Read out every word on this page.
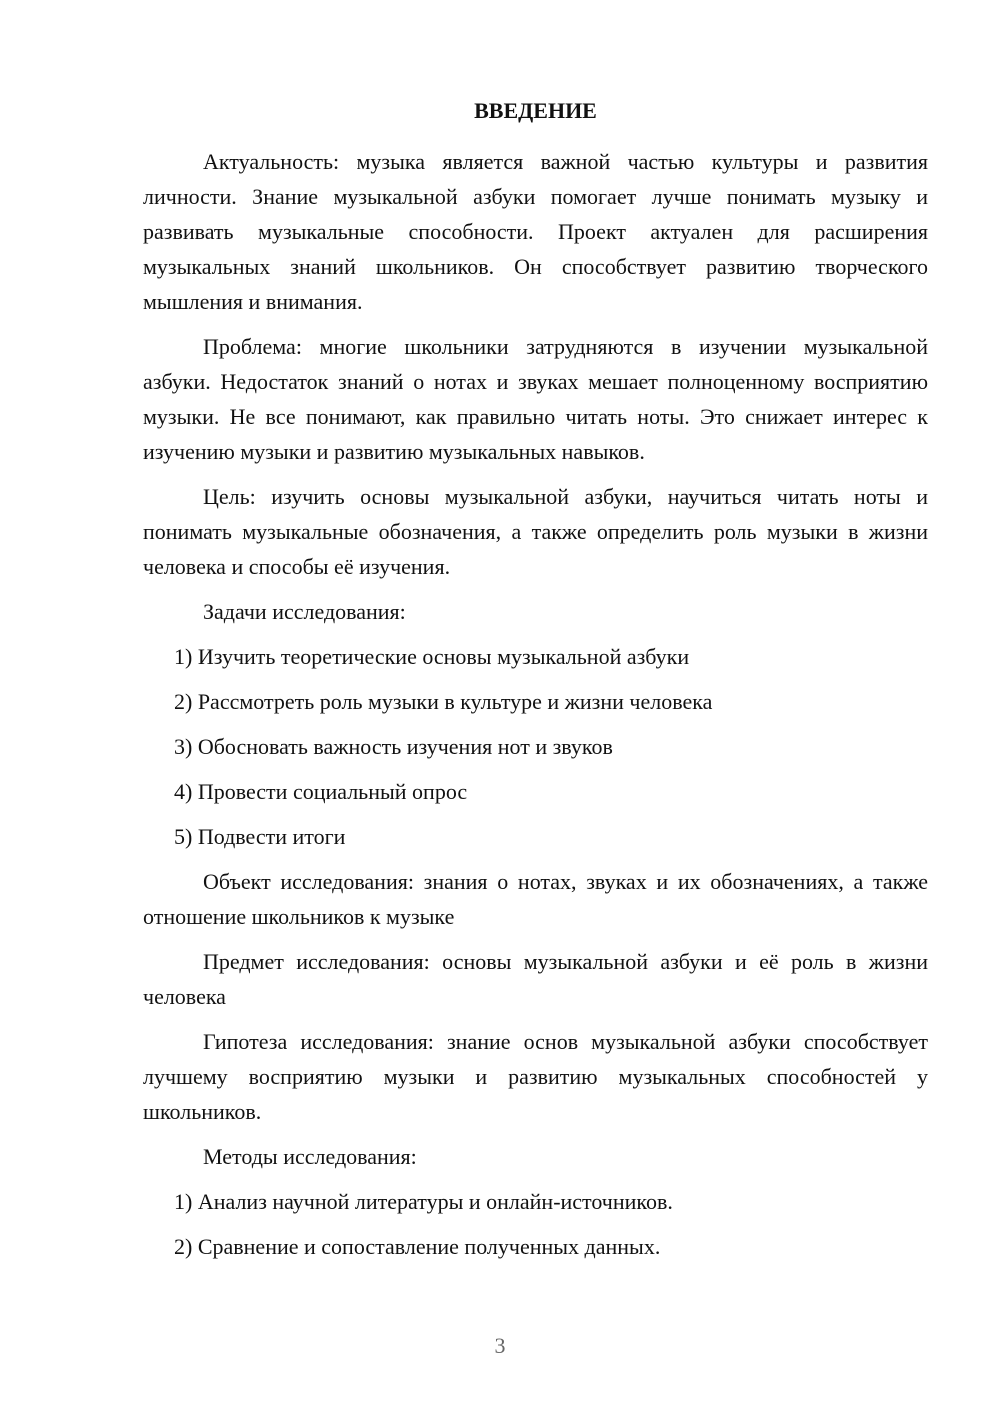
ВВЕДЕНИЕ

Актуальность: музыка является важной частью культуры и развития личности. Знание музыкальной азбуки помогает лучше понимать музыку и развивать музыкальные способности. Проект актуален для расширения музыкальных знаний школьников. Он способствует развитию творческого мышления и внимания.

Проблема: многие школьники затрудняются в изучении музыкальной азбуки. Недостаток знаний о нотах и звуках мешает полноценному восприятию музыки. Не все понимают, как правильно читать ноты. Это снижает интерес к изучению музыки и развитию музыкальных навыков.

Цель: изучить основы музыкальной азбуки, научиться читать ноты и понимать музыкальные обозначения, а также определить роль музыки в жизни человека и способы её изучения.

Задачи исследования:

1) Изучить теоретические основы музыкальной азбуки
2) Рассмотреть роль музыки в культуре и жизни человека
3) Обосновать важность изучения нот и звуков
4) Провести социальный опрос
5) Подвести итоги

Объект исследования: знания о нотах, звуках и их обозначениях, а также отношение школьников к музыке

Предмет исследования: основы музыкальной азбуки и её роль в жизни человека

Гипотеза исследования: знание основ музыкальной азбуки способствует лучшему восприятию музыки и развитию музыкальных способностей у школьников.

Методы исследования:

1) Анализ научной литературы и онлайн-источников.
2) Сравнение и сопоставление полученных данных.
3
